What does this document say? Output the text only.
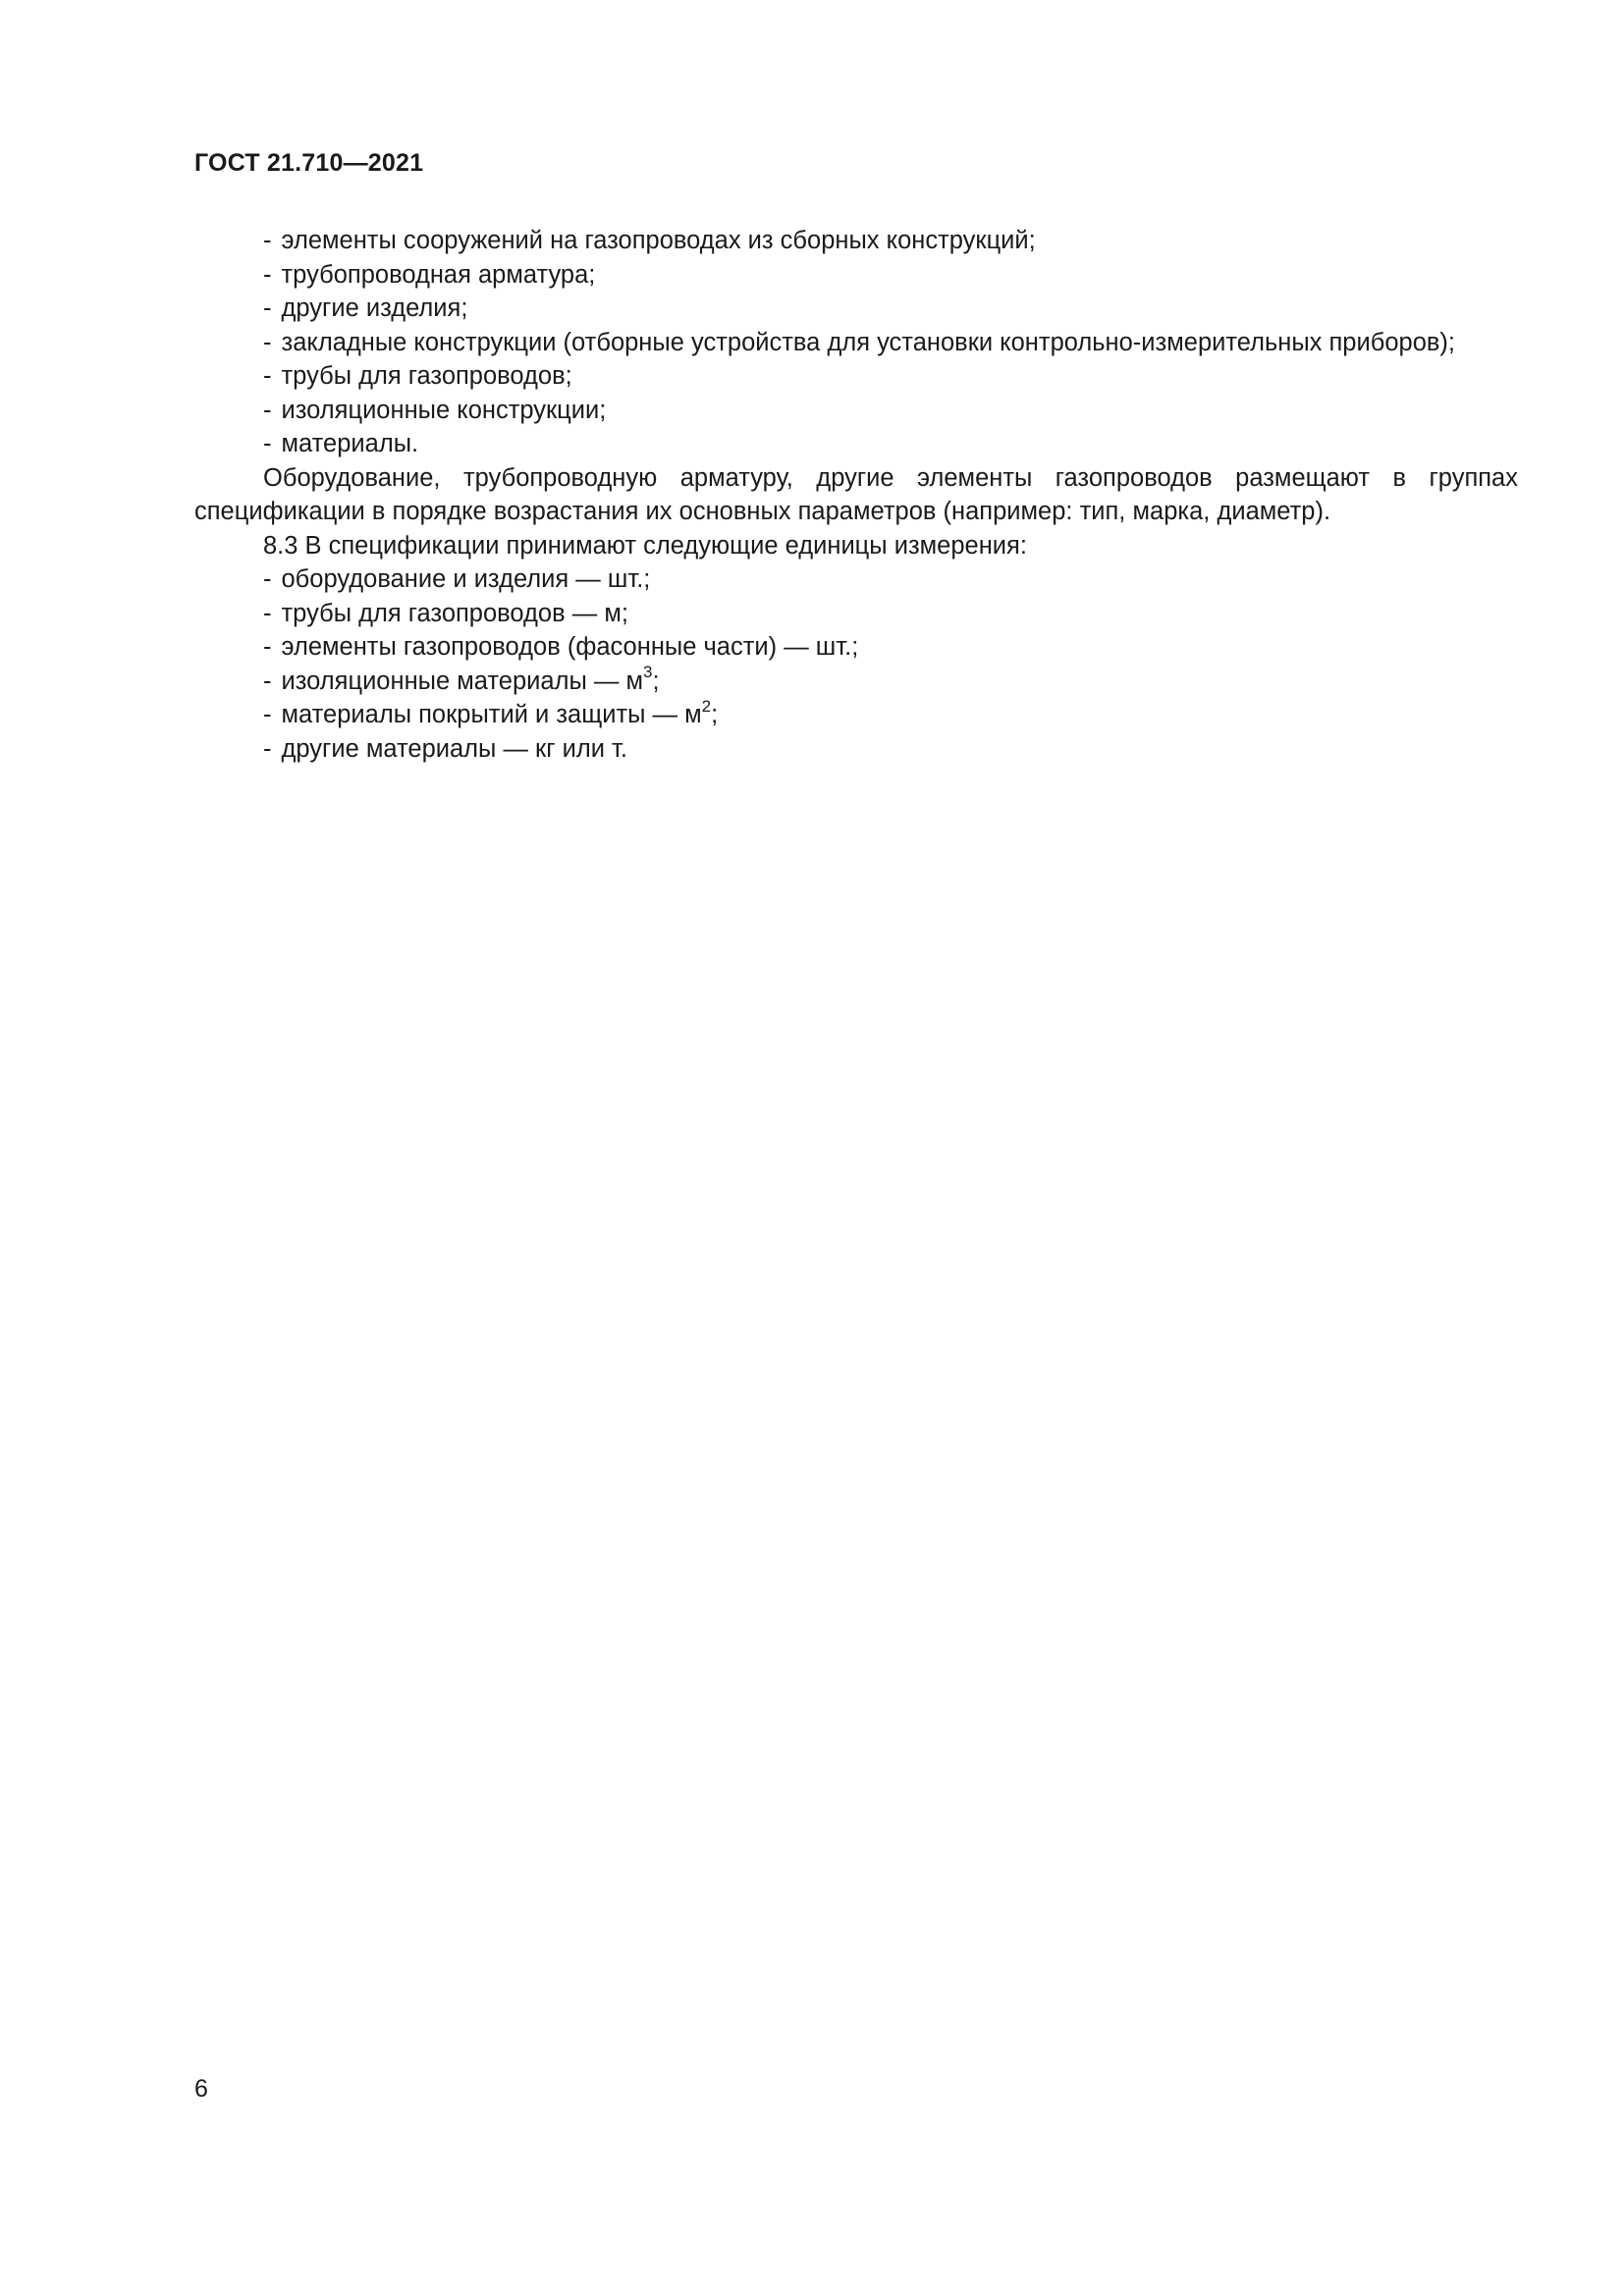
ГОСТ 21.710—2021
- элементы сооружений на газопроводах из сборных конструкций;
- трубопроводная арматура;
- другие изделия;
- закладные конструкции (отборные устройства для установки контрольно-измерительных приборов);
- трубы для газопроводов;
- изоляционные конструкции;
- материалы.
Оборудование, трубопроводную арматуру, другие элементы газопроводов размещают в группах спецификации в порядке возрастания их основных параметров (например: тип, марка, диаметр).
8.3 В спецификации принимают следующие единицы измерения:
- оборудование и изделия — шт.;
- трубы для газопроводов — м;
- элементы газопроводов (фасонные части) — шт.;
- изоляционные материалы — $м^3$;
- материалы покрытий и защиты — $м^2$;
- другие материалы — кг или т.
6
